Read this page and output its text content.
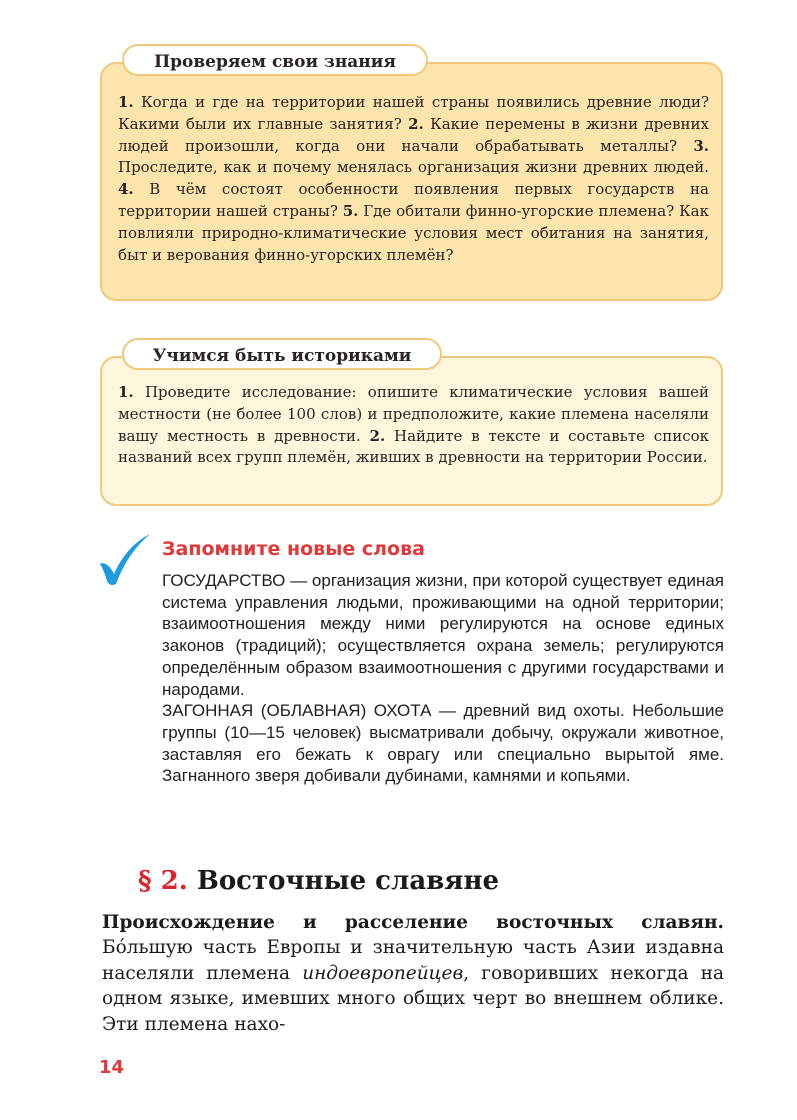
1. Когда и где на территории нашей страны появились древние люди? Какими были их главные занятия? 2. Какие перемены в жизни древних людей произошли, когда они начали обрабатывать металлы? 3. Проследите, как и почему менялась организация жизни древних людей. 4. В чём состоят особенности появления первых государств на территории нашей страны? 5. Где обитали финно-угорские племена? Как повлияли природно-климатические условия мест обитания на занятия, быт и верования финно-угорских племён?
Проверяем свои знания
1. Проведите исследование: опишите климатические условия вашей местности (не более 100 слов) и предположите, какие племена населяли вашу местность в древности. 2. Найдите в тексте и составьте список названий всех групп племён, живших в древности на территории России.
Учимся быть историками
Запомните новые слова

ГОСУДАРСТВО — организация жизни, при которой существует единая система управления людьми, проживающими на одной территории; взаимоотношения между ними регулируются на основе единых законов (традиций); осуществляется охрана земель; регулируются определённым образом взаимоотношения с другими государствами и народами.

ЗАГОННАЯ (ОБЛАВНАЯ) ОХОТА — древний вид охоты. Небольшие группы (10—15 человек) высматривали добычу, окружали животное, заставляя его бежать к оврагу или специально вырытой яме. Загнанного зверя добивали дубинами, камнями и копьями.

§ 2. Восточные славяне
Происхождение и расселение восточных славян. Бóльшую часть Европы и значительную часть Азии издавна населяли племена индоевропейцев, говоривших некогда на одном языке, имевших много общих черт во внешнем облике. Эти племена нахо-
14
